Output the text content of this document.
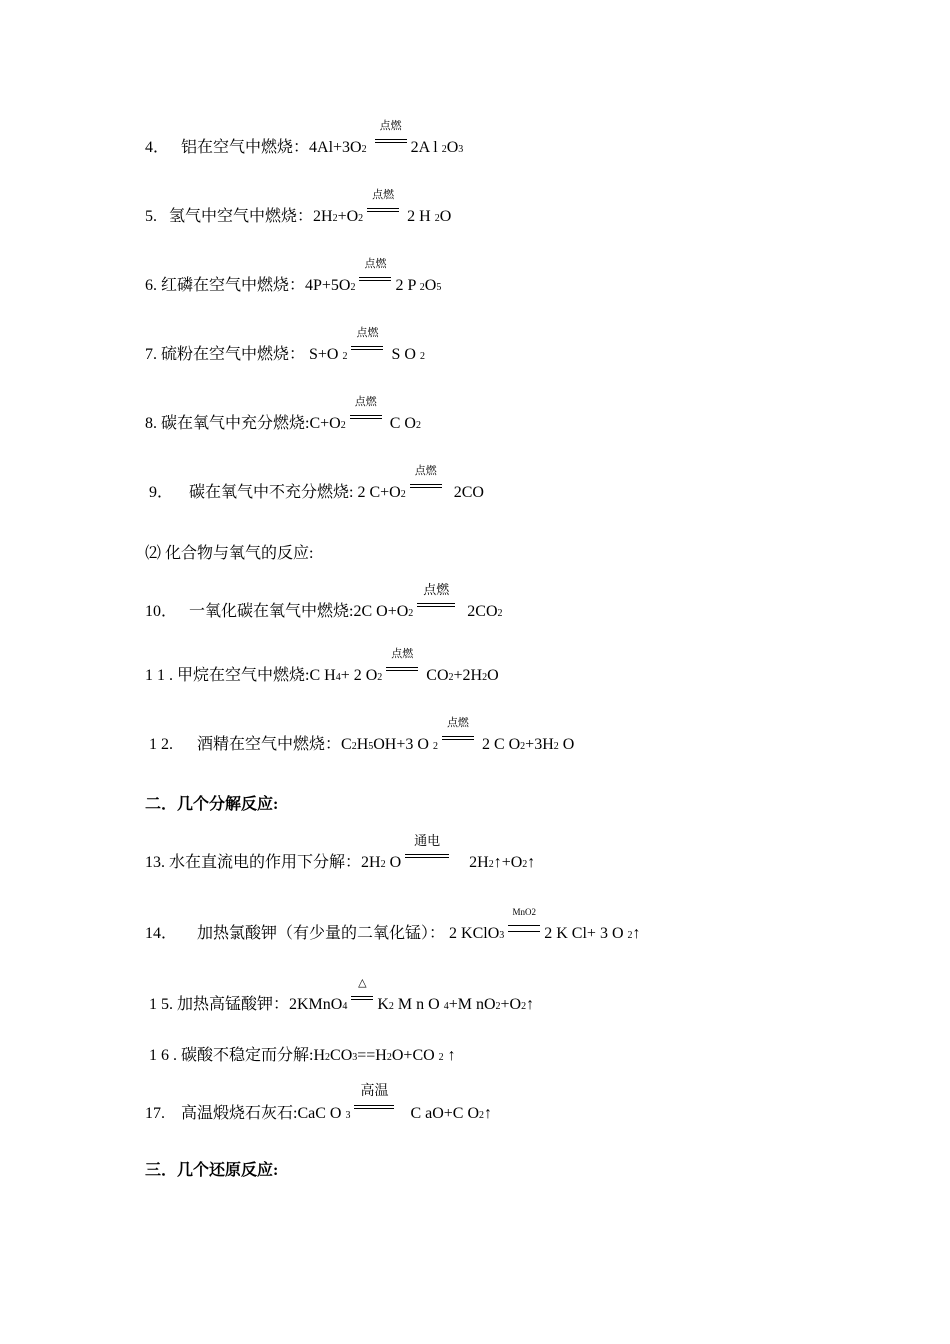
4． 铝在空气中燃烧：4Al+3O2
点燃
2A l 2O3
5. 氢气中空气中燃烧：2H2+O2
点燃
2 H 2O
6. 红磷在空气中燃烧：4P+5O2
点燃
2 P 2O5
7. 硫粉在空气中燃烧： S+O 2
点燃
S O 2
8. 碳在氧气中充分燃烧:C+O2
点燃
C O2
9． 碳在氧气中不充分燃烧: 2 C+O2
点燃
2CO
⑵ 化合物与氧气的反应:
10． 一氧化碳在氧气中燃烧:2C O+O2
点燃
2CO2
1 1 . 甲烷在空气中燃烧:C H4+ 2 O2
点燃
CO2+2H2O
1 2. 酒精在空气中燃烧：C2H5OH+3 O 2
点燃
2 C O2+3H2 O
二．几个分解反应:
13. 水在直流电的作用下分解：2H2 O
通电
2H2↑+O2↑
14． 加热氯酸钾（有少量的二氧化锰）： 2 KClO3
MnO2
2 K Cl+ 3 O 2↑
1 5. 加热高锰酸钾：2KMnO4
△
K2 M n O 4+M nO2+O2↑
1 6 . 碳酸不稳定而分解:H2CO3==H2O+CO 2 ↑
17. 高温煅烧石灰石:CaC O 3
高温
C aO+C O2↑
三．几个还原反应:
